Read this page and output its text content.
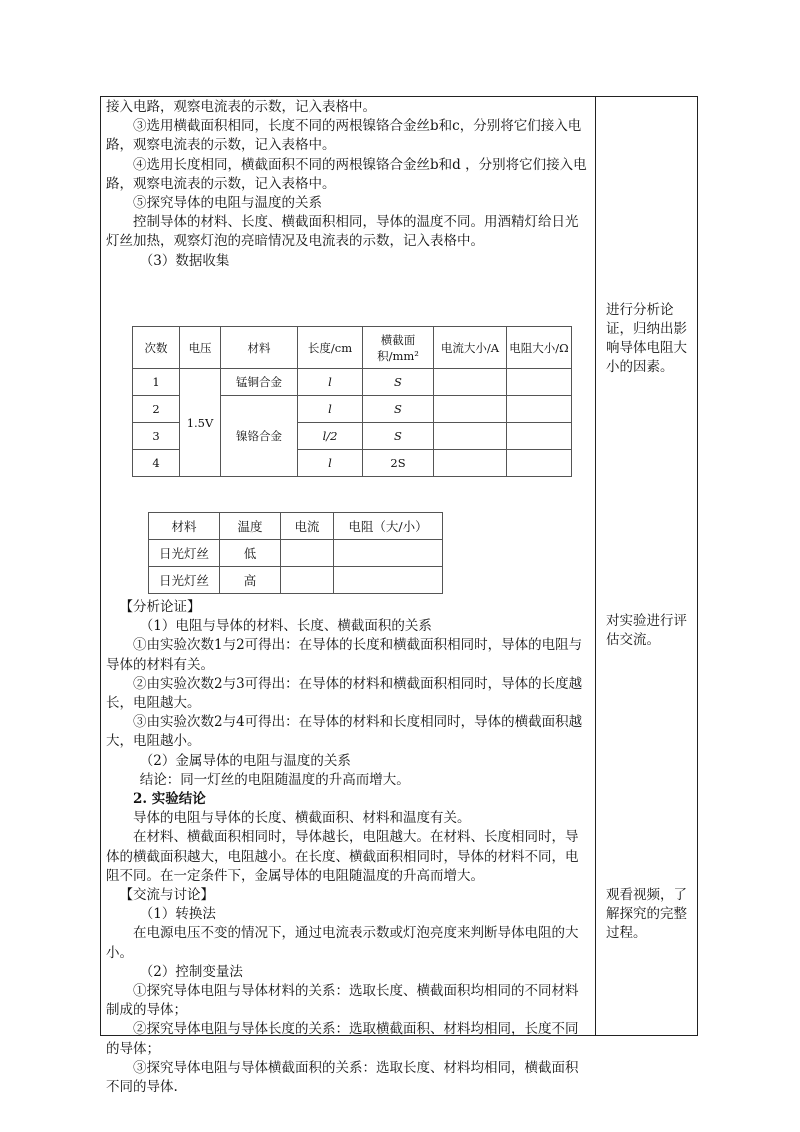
接入电路，观察电流表的示数，记入表格中。

③选用横截面积相同，长度不同的两根镍铬合金丝b和c，分别将它们接入电路，观察电流表的示数，记入表格中。

④选用长度相同，横截面积不同的两根镍铬合金丝b和d ，分别将它们接入电路，观察电流表的示数，记入表格中。

⑤探究导体的电阻与温度的关系

控制导体的材料、长度、横截面积相同，导体的温度不同。用酒精灯给日光灯丝加热，观察灯泡的亮暗情况及电流表的示数，记入表格中。

（3）数据收集

次数	电压	材料	长度/cm	横截面积/mm²	电流大小/A	电阻大小/Ω
1	1.5V	锰铜合金	l	S		
2		镍铬合金	l	S		
3			l/2	S		
4			l	2S		
材料	温度	电流	电阻（大/小）
日光灯丝	低		
日光灯丝	高		

【分析论证】

（1）电阻与导体的材料、长度、横截面积的关系

①由实验次数1与2可得出：在导体的长度和横截面积相同时，导体的电阻与导体的材料有关。

②由实验次数2与3可得出：在导体的材料和横截面积相同时，导体的长度越长，电阻越大。

③由实验次数2与4可得出：在导体的材料和长度相同时，导体的横截面积越大，电阻越小。

（2）金属导体的电阻与温度的关系

结论：同一灯丝的电阻随温度的升高而增大。

2. 实验结论

导体的电阻与导体的长度、横截面积、材料和温度有关。

在材料、横截面积相同时，导体越长，电阻越大。在材料、长度相同时，导体的横截面积越大，电阻越小。在长度、横截面积相同时，导体的材料不同，电阻不同。在一定条件下，金属导体的电阻随温度的升高而增大。

【交流与讨论】

（1）转换法

在电源电压不变的情况下，通过电流表示数或灯泡亮度来判断导体电阻的大小。

（2）控制变量法

①探究导体电阻与导体材料的关系：选取长度、横截面积均相同的不同材料制成的导体；

②探究导体电阻与导体长度的关系：选取横截面积、材料均相同，长度不同的导体；

③探究导体电阻与导体横截面积的关系：选取长度、材料均相同，横截面积不同的导体.

进行分析论证，归纳出影响导体电阻大小的因素。
对实验进行评估交流。
观看视频，了解探究的完整过程。
